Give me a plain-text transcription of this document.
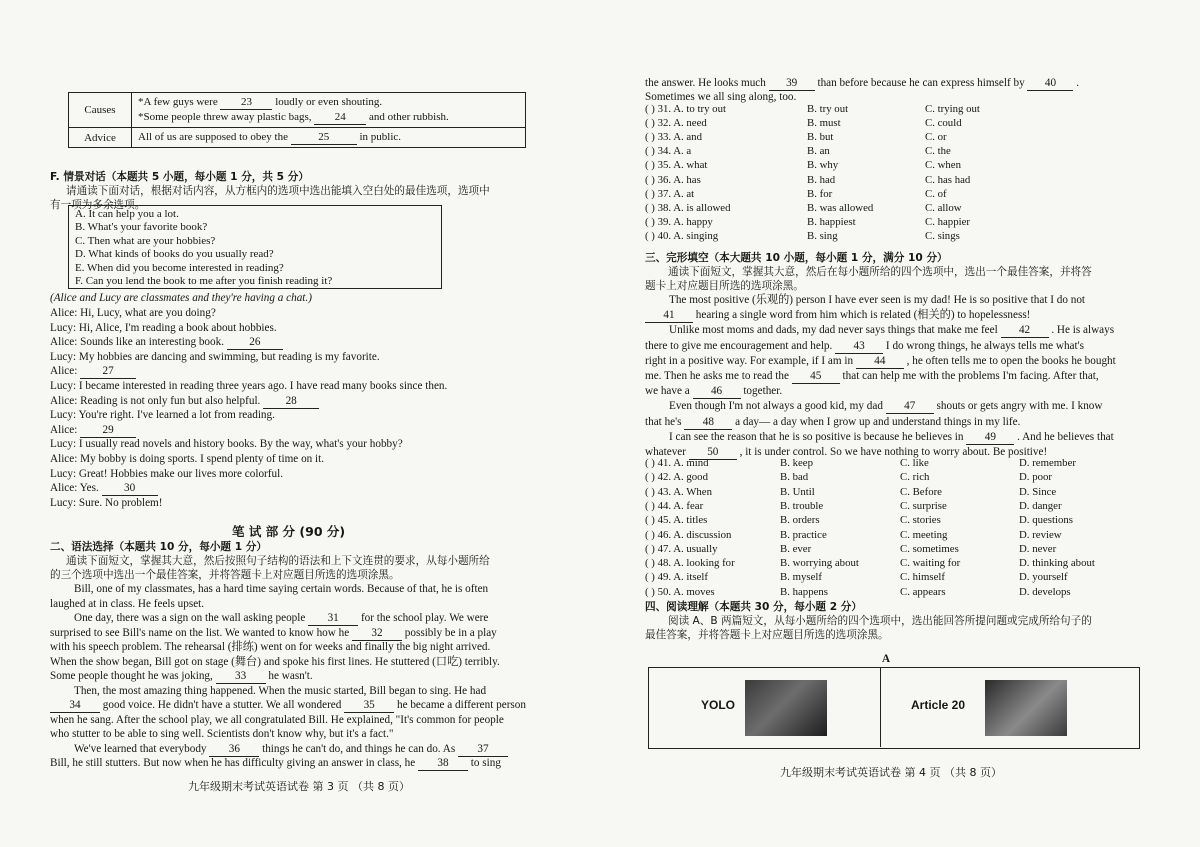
Causes	*A few guys were 23 loudly or even shouting.
*Some people threw away plastic bags, 24 and other rubbish.

Advice	All of us are supposed to obey the 25 in public.
F. 情景对话（本题共 5 小题，每小题 1 分，共 5 分）
请通读下面对话，根据对话内容，从方框内的选项中选出能填入空白处的最佳选项，选项中
有一项为多余选项。
A. It can help you a lot.
B. What's your favorite book?
C. Then what are your hobbies?
D. What kinds of books do you usually read?
E. When did you become interested in reading?
F. Can you lend the book to me after you finish reading it?
(Alice and Lucy are classmates and they're having a chat.)
Alice: Hi, Lucy, what are you doing?
Lucy: Hi, Alice, I'm reading a book about hobbies.
Alice: Sounds like an interesting book. 26
Lucy: My hobbies are dancing and swimming, but reading is my favorite.
Alice: 27
Lucy: I became interested in reading three years ago. I have read many books since then.
Alice: Reading is not only fun but also helpful. 28
Lucy: You're right. I've learned a lot from reading.
Alice: 29
Lucy: I usually read novels and history books. By the way, what's your hobby?
Alice: My bobby is doing sports. I spend plenty of time on it.
Lucy: Great! Hobbies make our lives more colorful.
Alice: Yes. 30
Lucy: Sure. No problem!
笔 试 部 分 (90 分)
二、语法选择（本题共 10 分，每小题 1 分）
通读下面短文，掌握其大意，然后按照句子结构的语法和上下文连贯的要求，从每小题所给
的三个选项中选出一个最佳答案，并将答题卡上对应题目所选的选项涂黑。
Bill, one of my classmates, has a hard time saying certain words. Because of that, he is often
laughed at in class. He feels upset.
One day, there was a sign on the wall asking people 31 for the school play. We were
surprised to see Bill's name on the list. We wanted to know how he 32 possibly be in a play
with his speech problem. The rehearsal (排练) went on for weeks and finally the big night arrived.
When the show began, Bill got on stage (舞台) and spoke his first lines. He stuttered (口吃) terribly.
Some people thought he was joking, 33 he wasn't.
Then, the most amazing thing happened. When the music started, Bill began to sing. He had
34 good voice. He didn't have a stutter. We all wondered 35 he became a different person
when he sang. After the school play, we all congratulated Bill. He explained, "It's common for people
who stutter to be able to sing well. Scientists don't know why, but it's a fact."
We've learned that everybody 36 things he can't do, and things he can do. As 37
Bill, he still stutters. But now when he has difficulty giving an answer in class, he 38 to sing
九年级期末考试英语试卷 第 3 页 （共 8 页）
the answer. He looks much 39 than before because he can express himself by 40 .
Sometimes we all sing along, too.
( ) 31. A. to try out	B. try out	C. trying out
( ) 32. A. need	B. must	C. could
( ) 33. A. and	B. but	C. or
( ) 34. A. a	B. an	C. the
( ) 35. A. what	B. why	C. when
( ) 36. A. has	B. had	C. has had
( ) 37. A. at	B. for	C. of
( ) 38. A. is allowed	B. was allowed	C. allow
( ) 39. A. happy	B. happiest	C. happier
( ) 40. A. singing	B. sing	C. sings
三、完形填空（本大题共 10 小题，每小题 1 分，满分 10 分）
通读下面短文，掌握其大意，然后在每小题所给的四个选项中，选出一个最佳答案，并将答
题卡上对应题目所选的选项涂黑。
The most positive (乐观的) person I have ever seen is my dad! He is so positive that I do not
41 hearing a single word from him which is related (相关的) to hopelessness!
Unlike most moms and dads, my dad never says things that make me feel 42 . He is always
there to give me encouragement and help. 43 I do wrong things, he always tells me what's
right in a positive way. For example, if I am in 44 , he often tells me to open the books he bought
me. Then he asks me to read the 45 that can help me with the problems I'm facing. After that,
we have a 46 together.
Even though I'm not always a good kid, my dad 47 shouts or gets angry with me. I know
that he's 48 a day— a day when I grow up and understand things in my life.
I can see the reason that he is so positive is because he believes in 49 . And he believes that
whatever 50 , it is under control. So we have nothing to worry about. Be positive!
( ) 41. A. mind	B. keep	C. like	D. remember
( ) 42. A. good	B. bad	C. rich	D. poor
( ) 43. A. When	B. Until	C. Before	D. Since
( ) 44. A. fear	B. trouble	C. surprise	D. danger
( ) 45. A. titles	B. orders	C. stories	D. questions
( ) 46. A. discussion	B. practice	C. meeting	D. review
( ) 47. A. usually	B. ever	C. sometimes	D. never
( ) 48. A. looking for	B. worrying about	C. waiting for	D. thinking about
( ) 49. A. itself	B. myself	C. himself	D. yourself
( ) 50. A. moves	B. happens	C. appears	D. develops
四、阅读理解（本题共 30 分，每小题 2 分）
阅读 A、B 两篇短文，从每小题所给的四个选项中，选出能回答所提问题或完成所给句子的
最佳答案，并将答题卡上对应题目所选的选项涂黑。
A
YOLO	Article 20
九年级期末考试英语试卷 第 4 页 （共 8 页）
